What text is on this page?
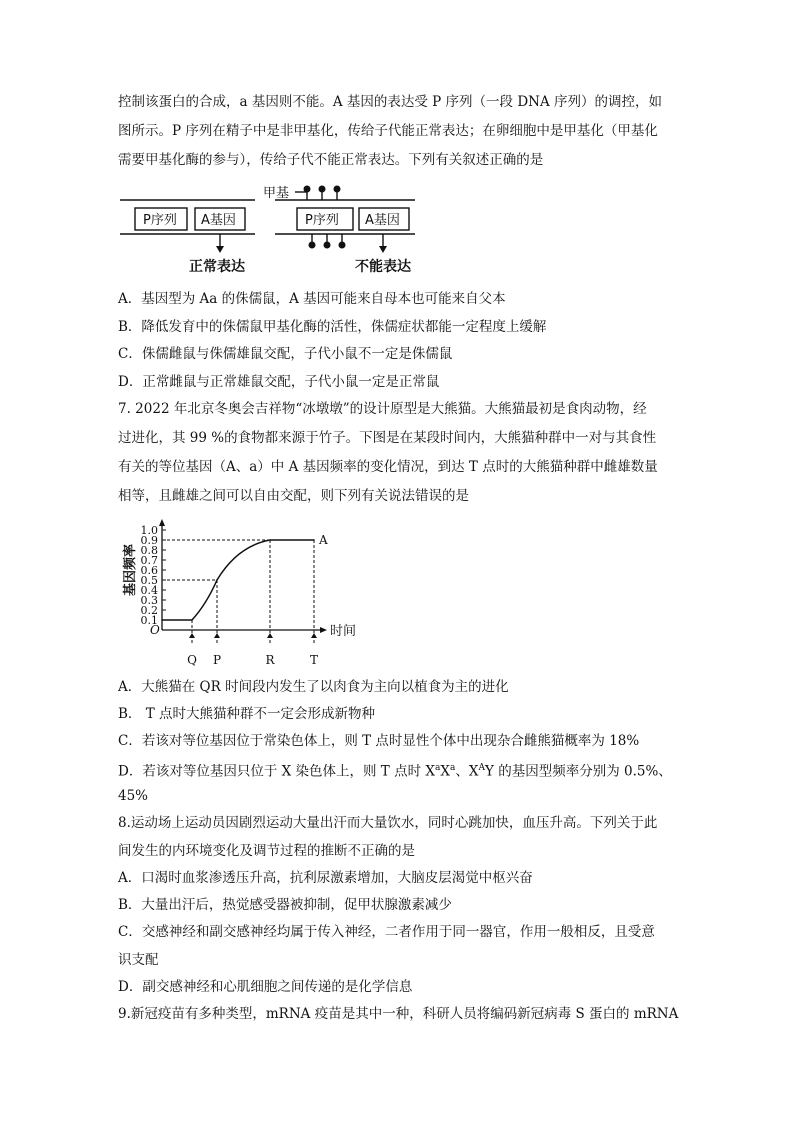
控制该蛋白的合成，a 基因则不能。A 基因的表达受 P 序列（一段 DNA 序列）的调控，如
图所示。P 序列在精子中是非甲基化，传给子代能正常表达；在卵细胞中是甲基化（甲基化
需要甲基化酶的参与），传给子代不能正常表达。下列有关叙述正确的是
甲基
P序列 A基因	P序列 A基因
正常表达	不能表达
A．基因型为 Aa 的侏儒鼠，A 基因可能来自母本也可能来自父本
B．降低发育中的侏儒鼠甲基化酶的活性，侏儒症状都能一定程度上缓解
C．侏儒雌鼠与侏儒雄鼠交配，子代小鼠不一定是侏儒鼠
D．正常雌鼠与正常雄鼠交配，子代小鼠一定是正常鼠
7. 2022 年北京冬奥会吉祥物“冰墩墩”的设计原型是大熊猫。大熊猫最初是食肉动物，经
过进化，其 99 %的食物都来源于竹子。下图是在某段时间内，大熊猫种群中一对与其食性
有关的等位基因（A、a）中 A 基因频率的变化情况，到达 T 点时的大熊猫种群中雌雄数量
相等，且雌雄之间可以自由交配，则下列有关说法错误的是
0.1
0.2
0.3
0.4
0.5
0.6
0.7
0.8
0.9
1.0
O
基因频率
时间
Q P	R	T
A
A．大熊猫在 QR 时间段内发生了以肉食为主向以植食为主的进化
B． T 点时大熊猫种群不一定会形成新物种
C．若该对等位基因位于常染色体上，则 T 点时显性个体中出现杂合雌熊猫概率为 18%
D．若该对等位基因只位于 X 染色体上，则 T 点时 $X^aX^a$、$X^AY$ 的基因型频率分别为 0.5%、
45%
8.运动场上运动员因剧烈运动大量出汗而大量饮水，同时心跳加快，血压升高。下列关于此
间发生的内环境变化及调节过程的推断不正确的是
A．口渴时血浆渗透压升高，抗利尿激素增加，大脑皮层渴觉中枢兴奋
B．大量出汗后，热觉感受器被抑制，促甲状腺激素减少
C．交感神经和副交感神经均属于传入神经，二者作用于同一器官，作用一般相反，且受意
识支配
D．副交感神经和心肌细胞之间传递的是化学信息
9.新冠疫苗有多种类型，mRNA 疫苗是其中一种，科研人员将编码新冠病毒 S 蛋白的 mRNA
